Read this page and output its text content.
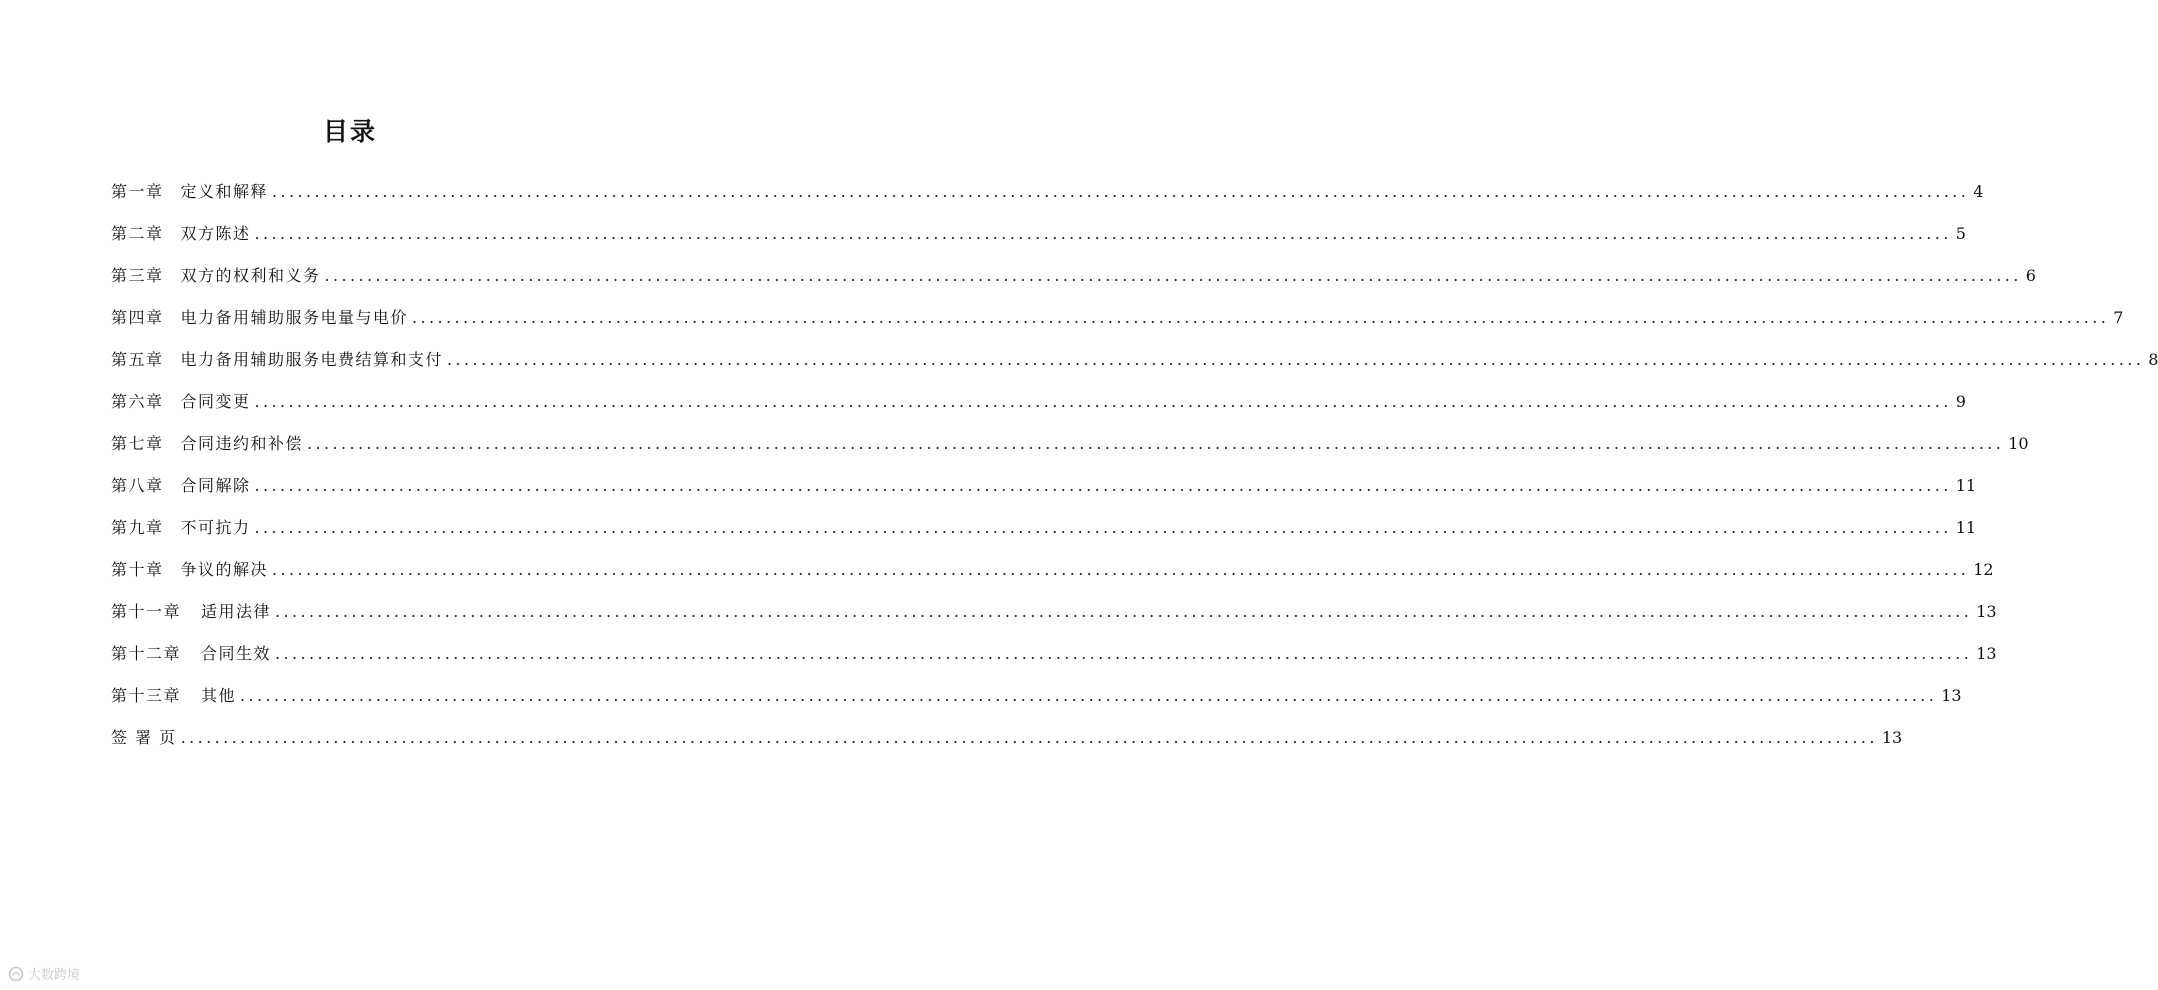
目录
第一章 定义和解释 ........................................................................................................................................................................................................ 4
第二章 双方陈述 ........................................................................................................................................................................................................ 5
第三章 双方的权利和义务 ........................................................................................................................................................................................................ 6
第四章 电力备用辅助服务电量与电价 ........................................................................................................................................................................................................ 7
第五章 电力备用辅助服务电费结算和支付 ........................................................................................................................................................................................................ 8
第六章 合同变更 ........................................................................................................................................................................................................ 9
第七章 合同违约和补偿 ........................................................................................................................................................................................................ 10
第八章 合同解除 ........................................................................................................................................................................................................ 11
第九章 不可抗力 ........................................................................................................................................................................................................ 11
第十章 争议的解决 ........................................................................................................................................................................................................ 12
第十一章 适用法律 ........................................................................................................................................................................................................ 13
第十二章 合同生效 ........................................................................................................................................................................................................ 13
第十三章 其他 ........................................................................................................................................................................................................ 13
签 署 页 ........................................................................................................................................................................................................ 13
大数跨境
